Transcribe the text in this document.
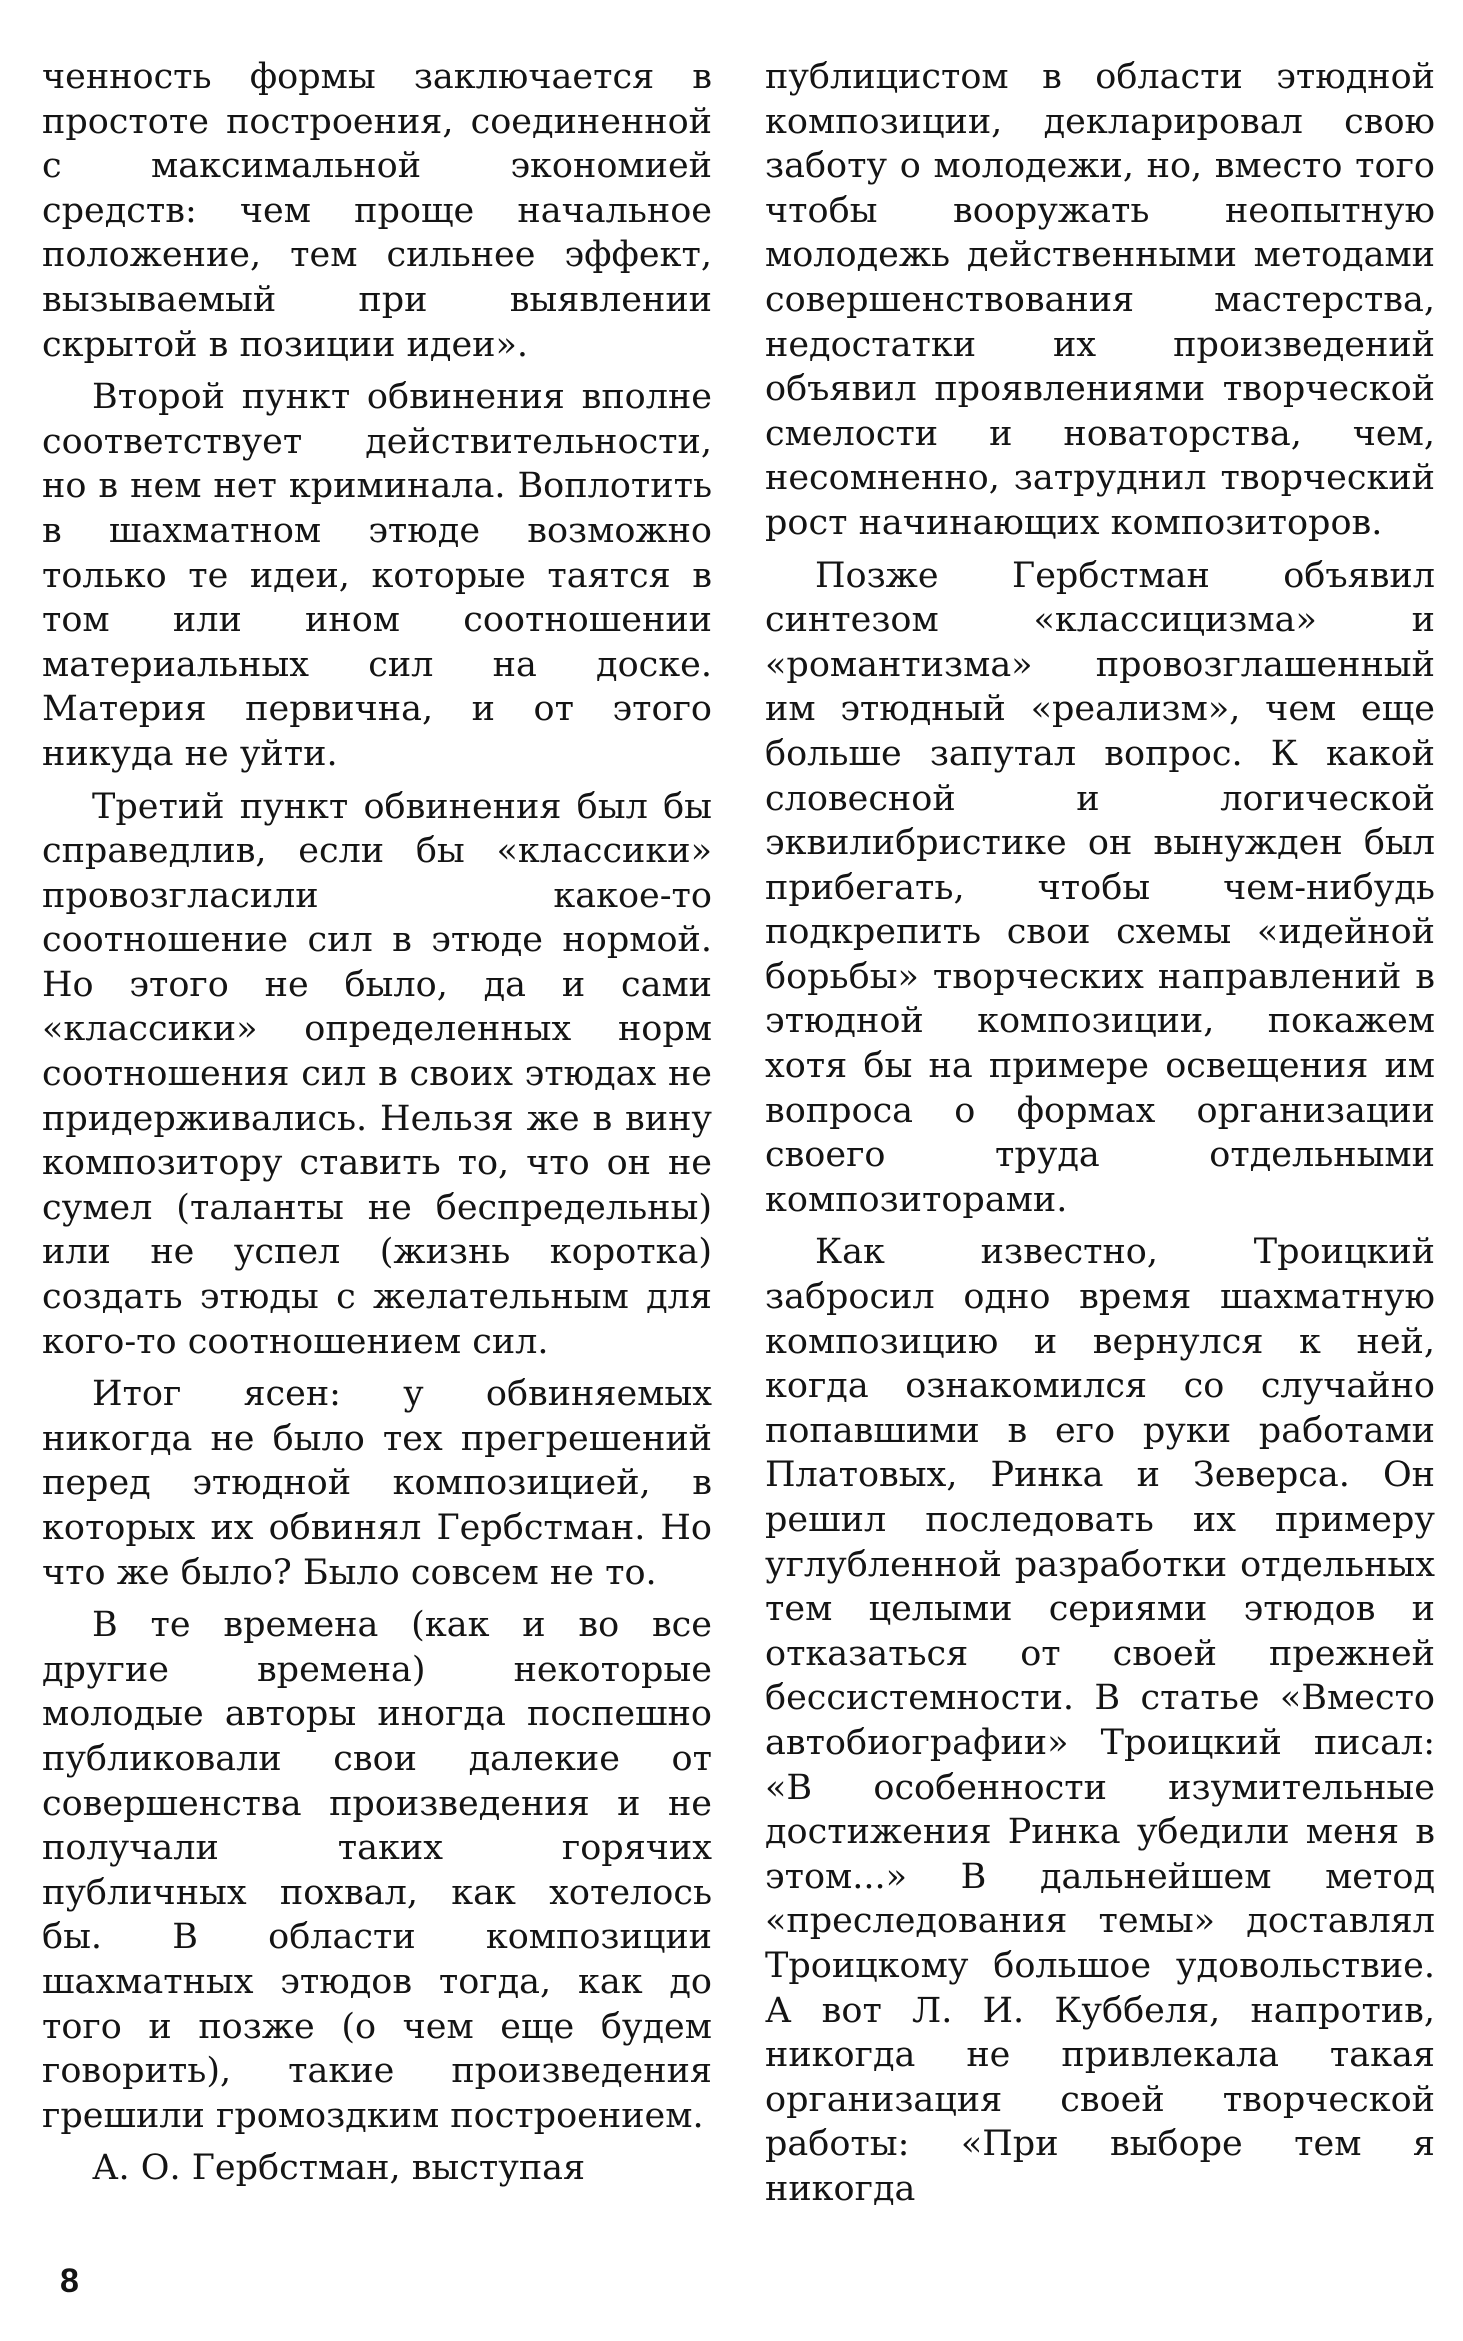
ченность формы заключается в простоте построения, соединенной с максимальной экономией средств: чем проще начальное положение, тем сильнее эффект, вызываемый при выявлении скрытой в позиции идеи».

Второй пункт обвинения вполне соответствует действительности, но в нем нет криминала. Воплотить в шахматном этюде возможно только те идеи, которые таятся в том или ином соотношении материальных сил на доске. Материя первична, и от этого никуда не уйти.

Третий пункт обвинения был бы справедлив, если бы «классики» провозгласили какое-то соотношение сил в этюде нормой. Но этого не было, да и сами «классики» определенных норм соотношения сил в своих этюдах не придерживались. Нельзя же в вину композитору ставить то, что он не сумел (таланты не беспредельны) или не успел (жизнь коротка) создать этюды с желательным для кого-то соотношением сил.

Итог ясен: у обвиняемых никогда не было тех прегрешений перед этюдной композицией, в которых их обвинял Гербстман. Но что же было? Было совсем не то.

В те времена (как и во все другие времена) некоторые молодые авторы иногда поспешно публиковали свои далекие от совершенства произведения и не получали таких горячих публичных похвал, как хотелось бы. В области композиции шахматных этюдов тогда, как до того и позже (о чем еще будем говорить), такие произведения грешили громоздким построением.

А. О. Гербстман, выступая

публицистом в области этюдной композиции, декларировал свою заботу о молодежи, но, вместо того чтобы вооружать неопытную молодежь действенными методами совершенствования мастерства, недостатки их произведений объявил проявлениями творческой смелости и новаторства, чем, несомненно, затруднил творческий рост начинающих композиторов.

Позже Гербстман объявил синтезом «классицизма» и «романтизма» провозглашенный им этюдный «реализм», чем еще больше запутал вопрос. К какой словесной и логической эквилибристике он вынужден был прибегать, чтобы чем-нибудь подкрепить свои схемы «идейной борьбы» творческих направлений в этюдной композиции, покажем хотя бы на примере освещения им вопроса о формах организации своего труда отдельными композиторами.

Как известно, Троицкий забросил одно время шахматную композицию и вернулся к ней, когда ознакомился со случайно попавшими в его руки работами Платовых, Ринка и Зеверса. Он решил последовать их примеру углубленной разработки отдельных тем целыми сериями этюдов и отказаться от своей прежней бессистемности. В статье «Вместо автобиографии» Троицкий писал: «В особенности изумительные достижения Ринка убедили меня в этом...» В дальнейшем метод «преследования темы» доставлял Троицкому большое удовольствие. А вот Л. И. Куббеля, напротив, никогда не привлекала такая организация своей творческой работы: «При выборе тем я никогда

8
